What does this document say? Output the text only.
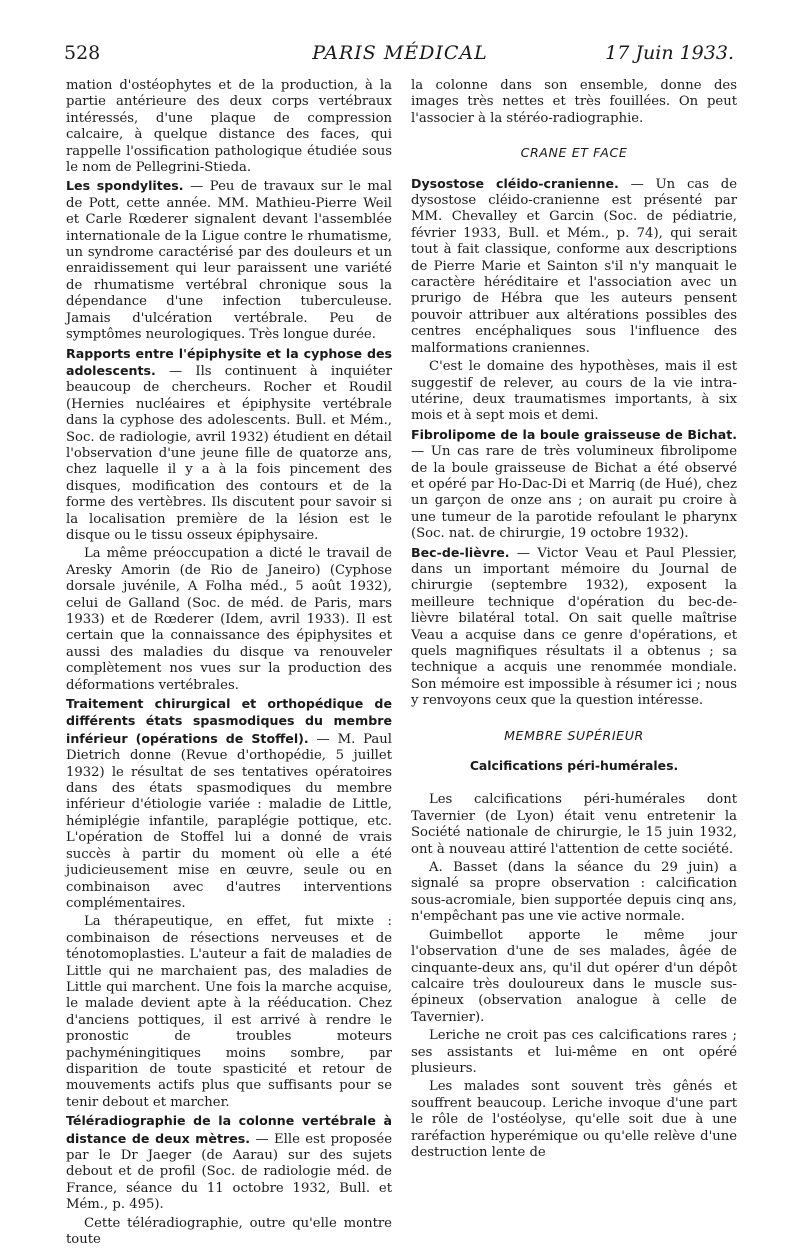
528	PARIS MÉDICAL	17 Juin 1933.

mation d'ostéophytes et de la production, à la partie antérieure des deux corps vertébraux intéressés, d'une plaque de compression calcaire, à quelque distance des faces, qui rappelle l'ossification pathologique étudiée sous le nom de Pellegrini-Stieda.

Les spondylites. — Peu de travaux sur le mal de Pott, cette année. MM. Mathieu-Pierre Weil et Carle Rœderer signalent devant l'assemblée internationale de la Ligue contre le rhumatisme, un syndrome caractérisé par des douleurs et un enraidissement qui leur paraissent une variété de rhumatisme vertébral chronique sous la dépendance d'une infection tuberculeuse. Jamais d'ulcération vertébrale. Peu de symptômes neurologiques. Très longue durée.

Rapports entre l'épiphysite et la cyphose des adolescents. — Ils continuent à inquiéter beaucoup de chercheurs. Rocher et Roudil (Hernies nucléaires et épiphysite vertébrale dans la cyphose des adolescents. Bull. et Mém., Soc. de radiologie, avril 1932) étudient en détail l'observation d'une jeune fille de quatorze ans, chez laquelle il y a à la fois pincement des disques, modification des contours et de la forme des vertèbres. Ils discutent pour savoir si la localisation première de la lésion est le disque ou le tissu osseux épiphysaire.

La même préoccupation a dicté le travail de Aresky Amorin (de Rio de Janeiro) (Cyphose dorsale juvénile, A Folha méd., 5 août 1932), celui de Galland (Soc. de méd. de Paris, mars 1933) et de Rœderer (Idem, avril 1933). Il est certain que la connaissance des épiphysites et aussi des maladies du disque va renouveler complètement nos vues sur la production des déformations vertébrales.

Traitement chirurgical et orthopédique de différents états spasmodiques du membre inférieur (opérations de Stoffel). — M. Paul Dietrich donne (Revue d'orthopédie, 5 juillet 1932) le résultat de ses tentatives opératoires dans des états spasmodiques du membre inférieur d'étiologie variée : maladie de Little, hémiplégie infantile, paraplégie pottique, etc. L'opération de Stoffel lui a donné de vrais succès à partir du moment où elle a été judicieusement mise en œuvre, seule ou en combinaison avec d'autres interventions complémentaires.

La thérapeutique, en effet, fut mixte : combinaison de résections nerveuses et de ténotomoplasties. L'auteur a fait de maladies de Little qui ne marchaient pas, des maladies de Little qui marchent. Une fois la marche acquise, le malade devient apte à la rééducation. Chez d'anciens pottiques, il est arrivé à rendre le pronostic de troubles moteurs pachyméningitiques moins sombre, par disparition de toute spasticité et retour de mouvements actifs plus que suffisants pour se tenir debout et marcher.

Téléradiographie de la colonne vertébrale à distance de deux mètres. — Elle est proposée par le Dr Jaeger (de Aarau) sur des sujets debout et de profil (Soc. de radiologie méd. de France, séance du 11 octobre 1932, Bull. et Mém., p. 495).

Cette téléradiographie, outre qu'elle montre toute

la colonne dans son ensemble, donne des images très nettes et très fouillées. On peut l'associer à la stéréo-radiographie.

CRANE ET FACE

Dysostose cléido-cranienne. — Un cas de dysostose cléido-cranienne est présenté par MM. Chevalley et Garcin (Soc. de pédiatrie, février 1933, Bull. et Mém., p. 74), qui serait tout à fait classique, conforme aux descriptions de Pierre Marie et Sainton s'il n'y manquait le caractère héréditaire et l'association avec un prurigo de Hébra que les auteurs pensent pouvoir attribuer aux altérations possibles des centres encéphaliques sous l'influence des malformations craniennes.

C'est le domaine des hypothèses, mais il est suggestif de relever, au cours de la vie intra-utérine, deux traumatismes importants, à six mois et à sept mois et demi.

Fibrolipome de la boule graisseuse de Bichat. — Un cas rare de très volumineux fibrolipome de la boule graisseuse de Bichat a été observé et opéré par Ho-Dac-Di et Marriq (de Hué), chez un garçon de onze ans ; on aurait pu croire à une tumeur de la parotide refoulant le pharynx (Soc. nat. de chirurgie, 19 octobre 1932).

Bec-de-lièvre. — Victor Veau et Paul Plessier, dans un important mémoire du Journal de chirurgie (septembre 1932), exposent la meilleure technique d'opération du bec-de-lièvre bilatéral total. On sait quelle maîtrise Veau a acquise dans ce genre d'opérations, et quels magnifiques résultats il a obtenus ; sa technique a acquis une renommée mondiale. Son mémoire est impossible à résumer ici ; nous y renvoyons ceux que la question intéresse.

MEMBRE SUPÉRIEUR
Calcifications péri-humérales.

Les calcifications péri-humérales dont Tavernier (de Lyon) était venu entretenir la Société nationale de chirurgie, le 15 juin 1932, ont à nouveau attiré l'attention de cette société.

A. Basset (dans la séance du 29 juin) a signalé sa propre observation : calcification sous-acromiale, bien supportée depuis cinq ans, n'empêchant pas une vie active normale.

Guimbellot apporte le même jour l'observation d'une de ses malades, âgée de cinquante-deux ans, qu'il dut opérer d'un dépôt calcaire très douloureux dans le muscle sus-épineux (observation analogue à celle de Tavernier).

Leriche ne croit pas ces calcifications rares ; ses assistants et lui-même en ont opéré plusieurs.

Les malades sont souvent très gênés et souffrent beaucoup. Leriche invoque d'une part le rôle de l'ostéolyse, qu'elle soit due à une raréfaction hyperémique ou qu'elle relève d'une destruction lente de
